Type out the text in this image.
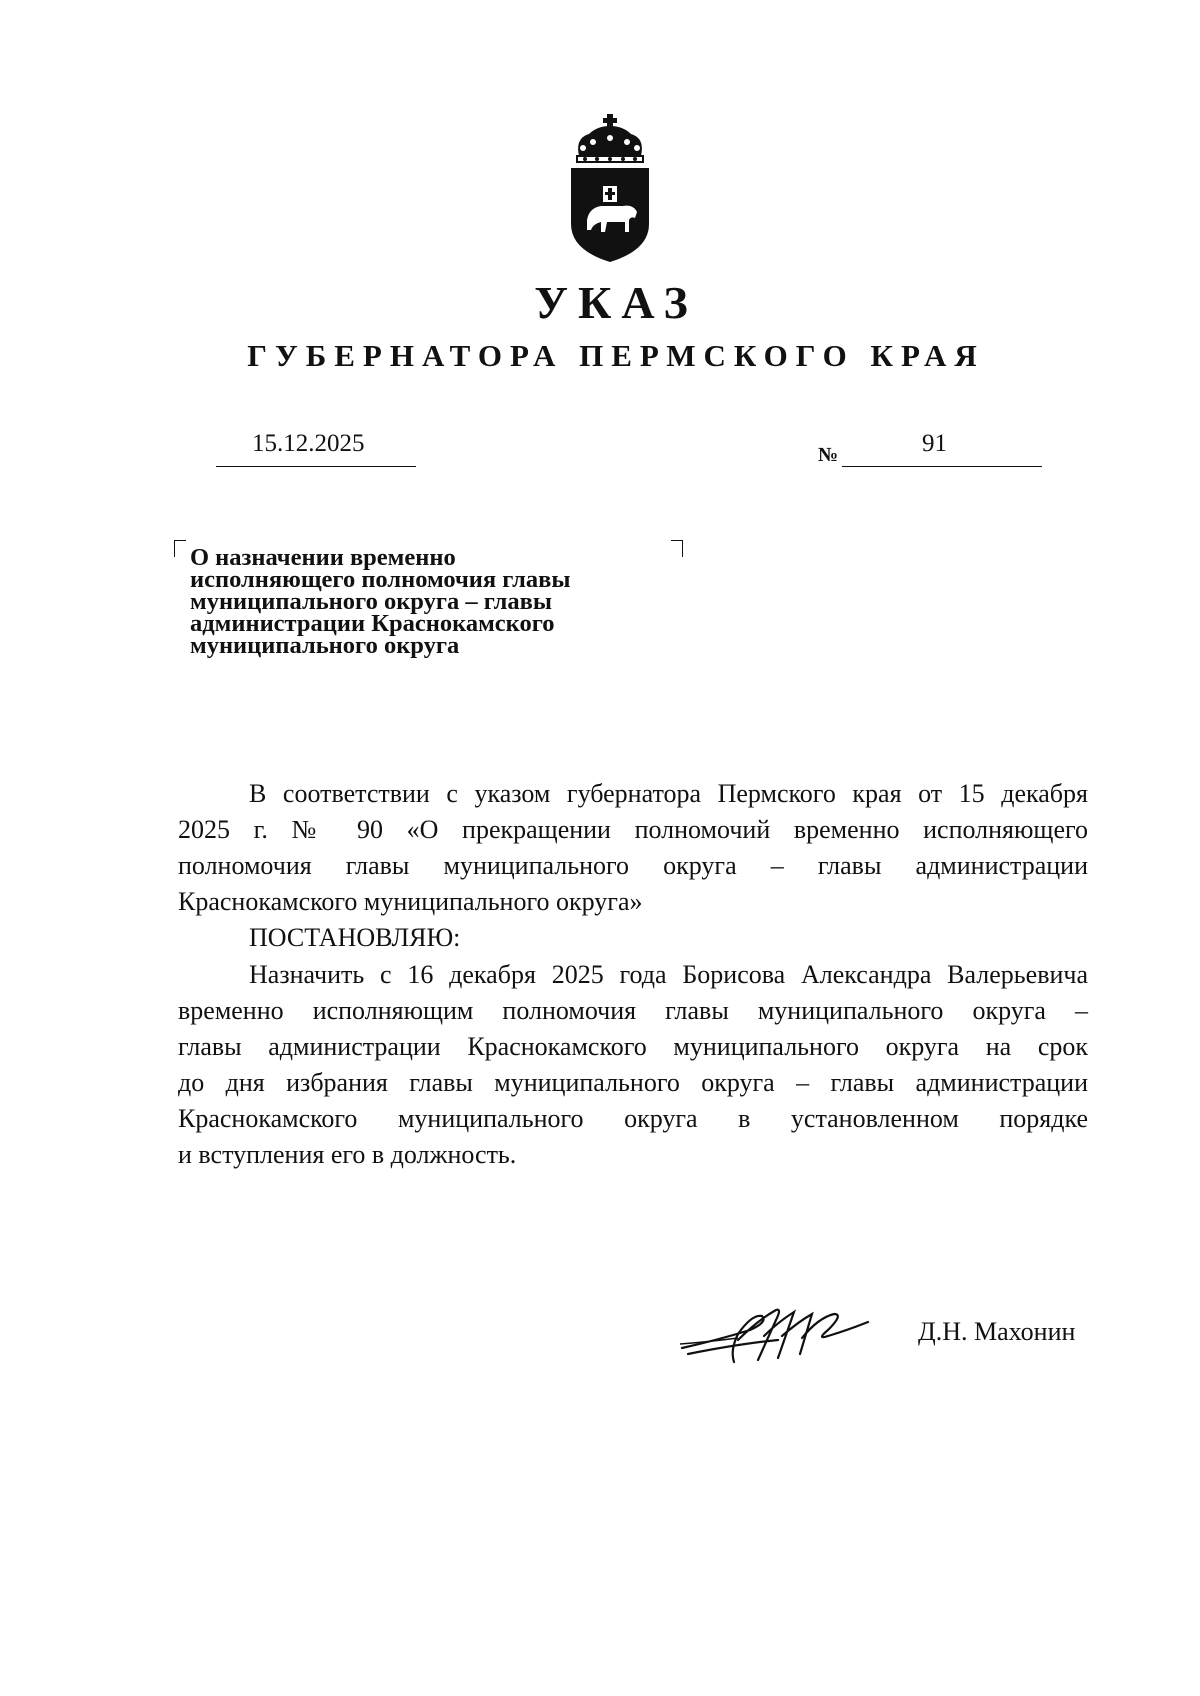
УКАЗ
ГУБЕРНАТОРА ПЕРМСКОГО КРАЯ
15.12.2025	№	91
О назначении временно
исполняющего полномочия главы
муниципального округа – главы
администрации Краснокамского
муниципального округа
В соответствии с указом губернатора Пермского края от 15 декабря
2025 г. № 90 «О прекращении полномочий временно исполняющего
полномочия главы муниципального округа – главы администрации
Краснокамского муниципального округа»
ПОСТАНОВЛЯЮ:
Назначить с 16 декабря 2025 года Борисова Александра Валерьевича
временно исполняющим полномочия главы муниципального округа –
главы администрации Краснокамского муниципального округа на срок
до дня избрания главы муниципального округа – главы администрации
Краснокамского муниципального округа в установленном порядке
и вступления его в должность.
Д.Н. Махонин
